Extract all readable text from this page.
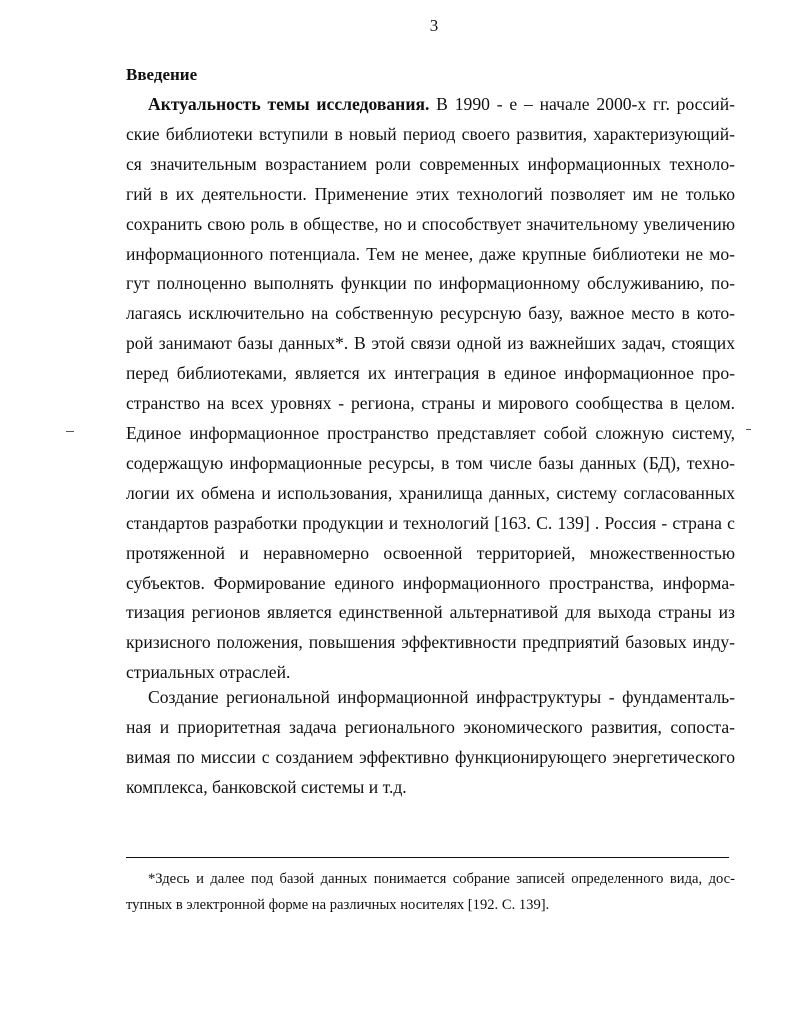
3
Введение
Актуальность темы исследования. В 1990 - е – начале 2000-х гг. россий-
ские библиотеки вступили в новый период своего развития, характеризующий-
ся значительным возрастанием роли современных информационных техноло-
гий в их деятельности. Применение этих технологий позволяет им не только
сохранить свою роль в обществе, но и способствует значительному увеличению
информационного потенциала. Тем не менее, даже крупные библиотеки не мо-
гут полноценно выполнять функции по информационному обслуживанию, по-
лагаясь исключительно на собственную ресурсную базу, важное место в кото-
рой занимают базы данных*. В этой связи одной из важнейших задач, стоящих
перед библиотеками, является их интеграция в единое информационное про-
странство на всех уровнях - региона, страны и мирового сообщества в целом.
Единое информационное пространство представляет собой сложную систему,
содержащую информационные ресурсы, в том числе базы данных (БД), техно-
логии их обмена и использования, хранилища данных, систему согласованных
стандартов разработки продукции и технологий [163. С. 139] . Россия - страна с
протяженной и неравномерно освоенной территорией, множественностью
субъектов. Формирование единого информационного пространства, информа-
тизация регионов является единственной альтернативой для выхода страны из
кризисного положения, повышения эффективности предприятий базовых инду-
стриальных отраслей.
Создание региональной информационной инфраструктуры - фундаменталь-
ная и приоритетная задача регионального экономического развития, сопоста-
вимая по миссии с созданием эффективно функционирующего энергетического
комплекса, банковской системы и т.д.
*Здесь и далее под базой данных понимается собрание записей определенного вида, дос-
тупных в электронной форме на различных носителях [192. С. 139].
